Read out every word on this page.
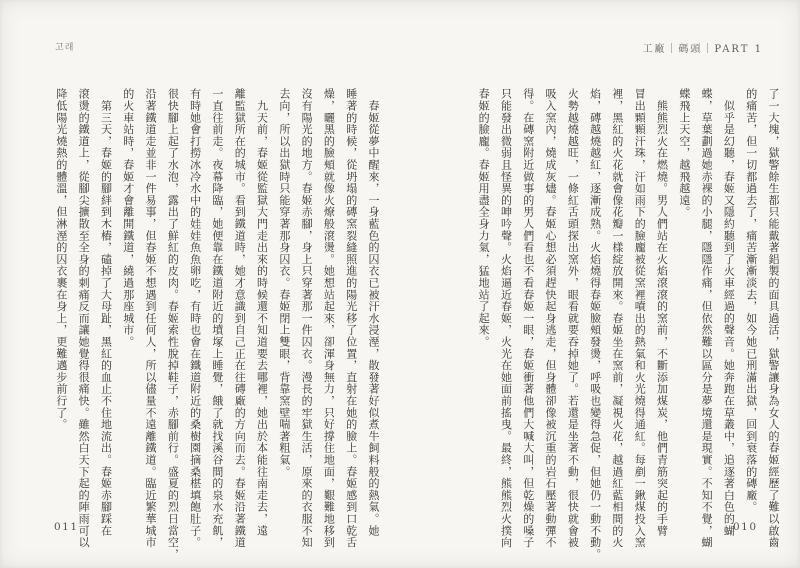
고래	工廠｜碼頭｜PART 1
　春姬從夢中醒來，一身藍色的囚衣已被汗水浸溼，散發著好似煮牛飼料般的熱氣。她
睡著的時候，從坍塌的磚窯裂縫照進的陽光移了位置，直射在她的臉上。春姬感到口乾舌
燥，曬黑的臉頰就像火燎般滾燙。她想站起來，卻渾身無力，只好撐住地面，艱難地移到
沒有陽光的地方。春姬赤腳，身上只穿著那一件囚衣。漫長的牢獄生活，原來的衣服不知
去向，所以出獄時只能穿著那身囚衣。春姬閉上雙眼，背靠窯壁喘著粗氣。
　九天前，春姬從監獄大門走出來的時候還不知道要去哪裡，她出於本能往南走去，遠
離監獄所在的城市。看到鐵道時，她才意識到自己正在往磚廠的方向而去。春姬沿著鐵道
一直往前走。夜幕降臨，她便靠在鐵道附近的墳塚上睡覺，餓了就找溪谷間的泉水充飢，
有時她會打撈冰冷水中的娃娃魚魚卵吃，有時也會在鐵道附近的桑樹園摘桑椹填飽肚子。
很快腳上起了水泡，露出了鮮紅的皮肉。春姬索性脫掉鞋子，赤腳前行。盛夏的烈日當空，
沿著鐵道走並非一件易事，但春姬不想遇到任何人，所以儘量不遠離鐵道。臨近繁華城市
的火車站時，春姬才會離開鐵道，繞過那座城市。
　第三天，春姬的腳絆到木樁，磕掉了大母趾，黑紅的血止不住地流出。春姬赤腳踩在
滾燙的鐵道上，從腳尖擴散至全身的刺痛反而讓她覺得很痛快。雖然白天下起的陣雨可以
降低陽光燒熱的體溫，但淋溼的囚衣裹在身上，更難邁步前行了。	了一大塊，獄警餘生都只能戴著鋁製的面具過活，獄警讓身為女人的春姬經歷了難以啟齒
的痛苦，但一切都過去了，痛苦漸漸淡去，如今她已刑滿出獄，回到衰落的磚廠。
　似乎是幻聽，春姬又隱約聽到了火車經過的聲音。她奔跑在草叢中，追逐著白色的蝴
蝶，草葉劃過她赤裸的小腿，隱隱作痛，但依然難以區分是夢境還是現實。不知不覺，蝴
蝶飛上天空，越飛越遠。
　熊熊烈火在燃燒。男人們站在火焰滾滾的窯前，不斷添加煤炭，他們青筋突起的手臂
冒出顆顆汗珠，汗如雨下的臉龐被從窯裡噴出的熱氣和火光燒得通紅。每剷一鍬煤投入窯
裡，黑紅的火花就會像花瓣一樣綻放開來。春姬坐在窯前，凝視火花，越過紅藍相間的火
焰，磚越燒越紅，逐漸成熟。火焰燒得春姬臉頰發燙，呼吸也變得急促，但她仍一動不動。
火勢越燒越旺，一條紅舌頭探出窯外，眼看就要吞掉她了。若還是坐著不動，很快就會被
吸入窯內，燒成灰燼。春姬心想必須趕快起身逃走，但身體卻像被沉重的岩石壓著動彈不
得。在磚窯附近做事的男人們看也不看春姬一眼，春姬衝著他們大喊大叫，但乾燥的嗓子
只能發出微弱且怪異的呻吟聲。火焰逼近春姬，火光在她面前搖曳。最終，熊熊烈火撲向
春姬的臉龐。春姬用盡全身力氣，猛地站了起來。
011	010
